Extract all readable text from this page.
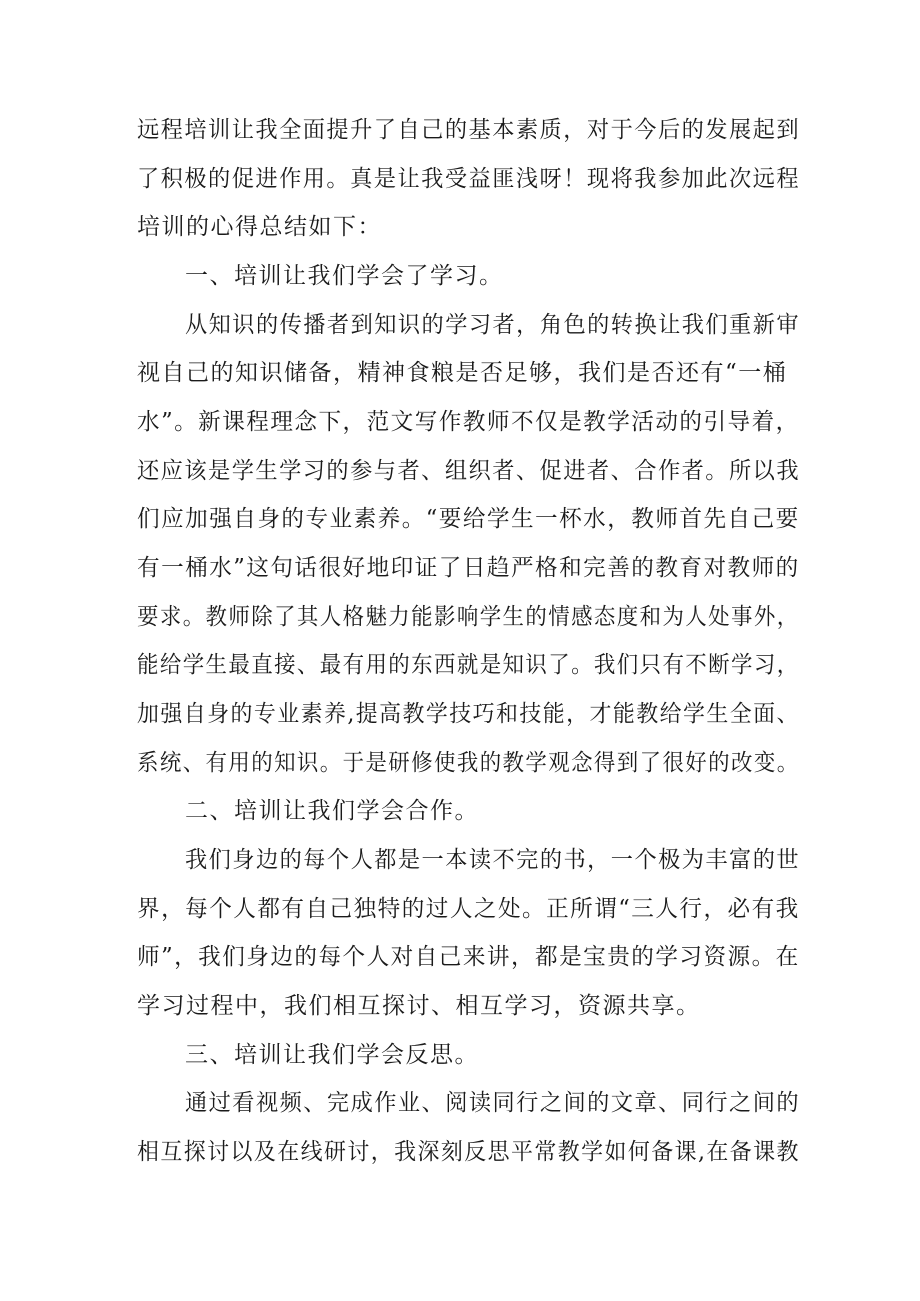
远程培训让我全面提升了自己的基本素质，对于今后的发展起到
了积极的促进作用。真是让我受益匪浅呀！现将我参加此次远程
培训的心得总结如下：
一、培训让我们学会了学习。
从知识的传播者到知识的学习者，角色的转换让我们重新审
视自己的知识储备，精神食粮是否足够，我们是否还有“一桶
水”。新课程理念下，范文写作教师不仅是教学活动的引导着，
还应该是学生学习的参与者、组织者、促进者、合作者。所以我
们应加强自身的专业素养。“要给学生一杯水，教师首先自己要
有一桶水”这句话很好地印证了日趋严格和完善的教育对教师的
要求。教师除了其人格魅力能影响学生的情感态度和为人处事外，
能给学生最直接、最有用的东西就是知识了。我们只有不断学习，
加强自身的专业素养,提高教学技巧和技能，才能教给学生全面、
系统、有用的知识。于是研修使我的教学观念得到了很好的改变。
二、培训让我们学会合作。
我们身边的每个人都是一本读不完的书，一个极为丰富的世
界，每个人都有自己独特的过人之处。正所谓“三人行，必有我
师”，我们身边的每个人对自己来讲，都是宝贵的学习资源。在
学习过程中，我们相互探讨、相互学习，资源共享。
三、培训让我们学会反思。
通过看视频、完成作业、阅读同行之间的文章、同行之间的
相互探讨以及在线研讨，我深刻反思平常教学如何备课,在备课教
